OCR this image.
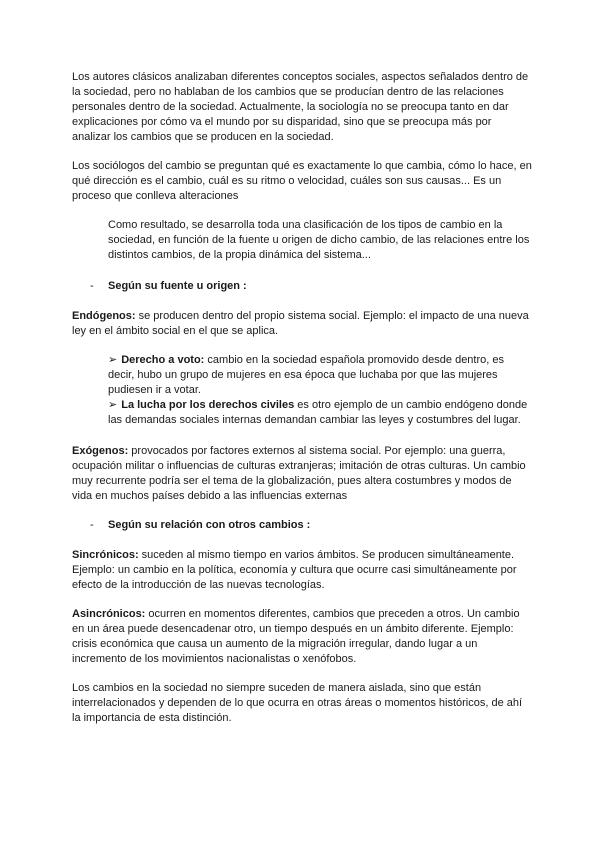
Los autores clásicos analizaban diferentes conceptos sociales, aspectos señalados dentro de la sociedad, pero no hablaban de los cambios que se producían dentro de las relaciones personales dentro de la sociedad. Actualmente, la sociología no se preocupa tanto en dar explicaciones por cómo va el mundo por su disparidad, sino que se preocupa más por analizar los cambios que se producen en la sociedad.

Los sociólogos del cambio se preguntan qué es exactamente lo que cambia, cómo lo hace, en qué dirección es el cambio, cuál es su ritmo o velocidad, cuáles son sus causas... Es un proceso que conlleva alteraciones

Como resultado, se desarrolla toda una clasificación de los tipos de cambio en la sociedad, en función de la fuente u origen de dicho cambio, de las relaciones entre los distintos cambios, de la propia dinámica del sistema...

-	Según su fuente u origen :

Endógenos: se producen dentro del propio sistema social. Ejemplo: el impacto de una nueva ley en el ámbito social en el que se aplica.

➢ Derecho a voto: cambio en la sociedad española promovido desde dentro, es decir, hubo un grupo de mujeres en esa época que luchaba por que las mujeres pudiesen ir a votar.

➢ La lucha por los derechos civiles es otro ejemplo de un cambio endógeno donde las demandas sociales internas demandan cambiar las leyes y costumbres del lugar.

Exógenos: provocados por factores externos al sistema social. Por ejemplo: una guerra, ocupación militar o influencias de culturas extranjeras; imitación de otras culturas. Un cambio muy recurrente podría ser el tema de la globalización, pues altera costumbres y modos de vida en muchos países debido a las influencias externas

-	Según su relación con otros cambios :

Sincrónicos: suceden al mismo tiempo en varios ámbitos. Se producen simultáneamente. Ejemplo: un cambio en la política, economía y cultura que ocurre casi simultáneamente por efecto de la introducción de las nuevas tecnologías.

Asincrónicos: ocurren en momentos diferentes, cambios que preceden a otros. Un cambio en un área puede desencadenar otro, un tiempo después en un ámbito diferente. Ejemplo: crisis económica que causa un aumento de la migración irregular, dando lugar a un incremento de los movimientos nacionalistas o xenófobos.

Los cambios en la sociedad no siempre suceden de manera aislada, sino que están interrelacionados y dependen de lo que ocurra en otras áreas o momentos históricos, de ahí la importancia de esta distinción.
